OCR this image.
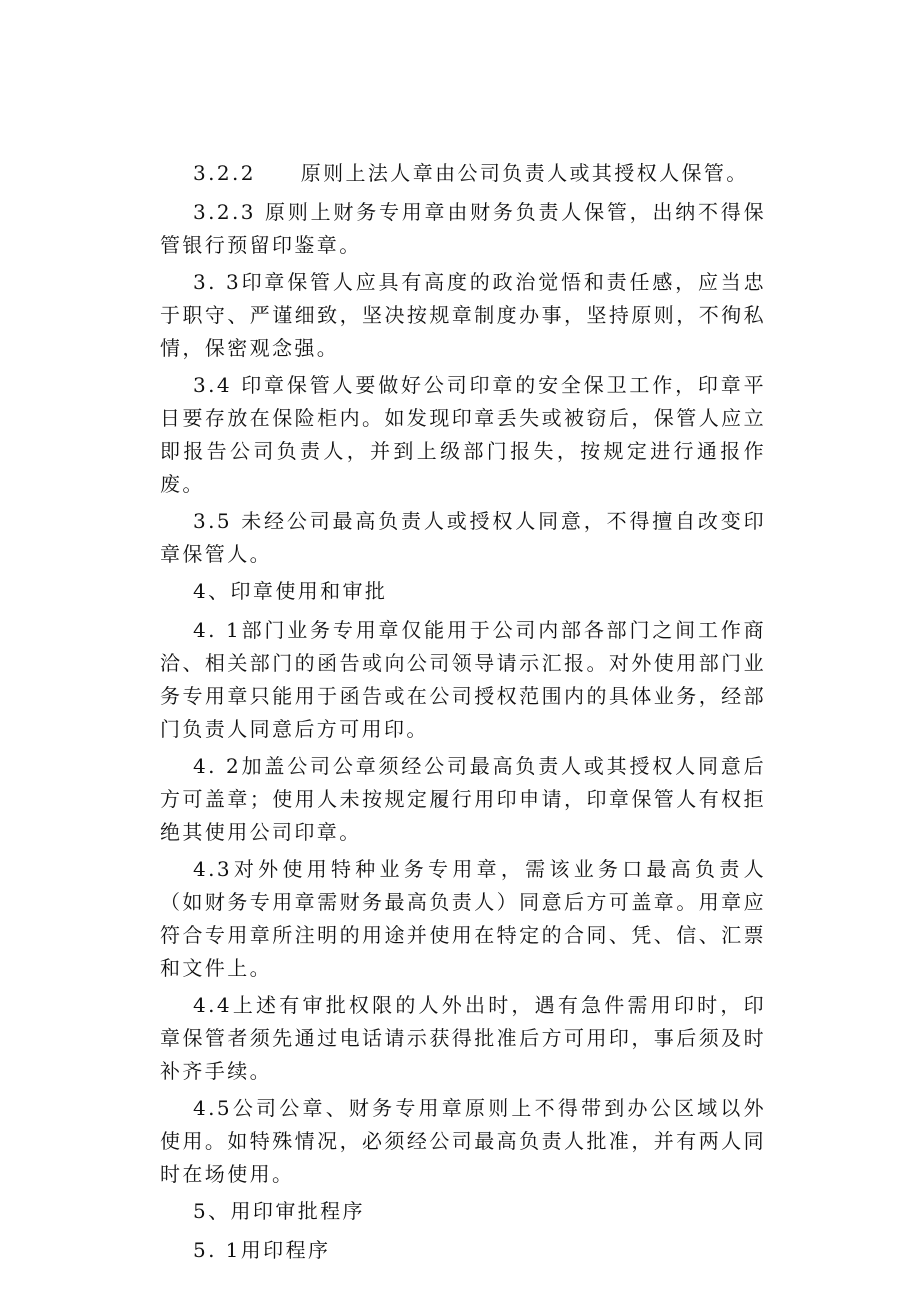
3.2.2　　原则上法人章由公司负责人或其授权人保管。

3.2.3 原则上财务专用章由财务负责人保管，出纳不得保管银行预留印鉴章。

3. 3印章保管人应具有高度的政治觉悟和责任感，应当忠于职守、严谨细致，坚决按规章制度办事，坚持原则，不徇私情，保密观念强。

3.4 印章保管人要做好公司印章的安全保卫工作，印章平日要存放在保险柜内。如发现印章丢失或被窃后，保管人应立即报告公司负责人，并到上级部门报失，按规定进行通报作废。

3.5 未经公司最高负责人或授权人同意，不得擅自改变印章保管人。

4、印章使用和审批

4. 1部门业务专用章仅能用于公司内部各部门之间工作商洽、相关部门的函告或向公司领导请示汇报。对外使用部门业务专用章只能用于函告或在公司授权范围内的具体业务，经部门负责人同意后方可用印。

4. 2加盖公司公章须经公司最高负责人或其授权人同意后方可盖章；使用人未按规定履行用印申请，印章保管人有权拒绝其使用公司印章。

4.3对外使用特种业务专用章，需该业务口最高负责人（如财务专用章需财务最高负责人）同意后方可盖章。用章应符合专用章所注明的用途并使用在特定的合同、凭、信、汇票和文件上。

4.4上述有审批权限的人外出时，遇有急件需用印时，印章保管者须先通过电话请示获得批准后方可用印，事后须及时补齐手续。

4.5公司公章、财务专用章原则上不得带到办公区域以外使用。如特殊情况，必须经公司最高负责人批准，并有两人同时在场使用。

5、用印审批程序

5. 1用印程序
